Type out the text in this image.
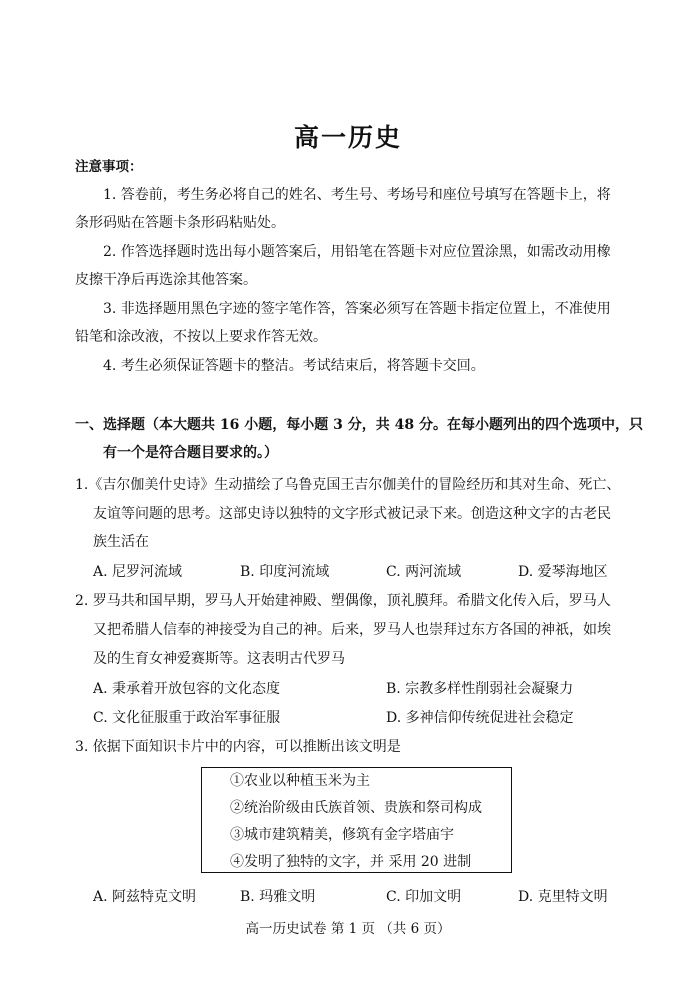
高一历史
注意事项：
1. 答卷前，考生务必将自己的姓名、考生号、考场号和座位号填写在答题卡上，将
条形码贴在答题卡条形码粘贴处。
2. 作答选择题时选出每小题答案后，用铅笔在答题卡对应位置涂黑，如需改动用橡
皮擦干净后再选涂其他答案。
3. 非选择题用黑色字迹的签字笔作答，答案必须写在答题卡指定位置上，不准使用
铅笔和涂改液，不按以上要求作答无效。
4. 考生必须保证答题卡的整洁。考试结束后，将答题卡交回。
一、选择题（本大题共 16 小题，每小题 3 分，共 48 分。在每小题列出的四个选项中，只
有一个是符合题目要求的。）
1.《吉尔伽美什史诗》生动描绘了乌鲁克国王吉尔伽美什的冒险经历和其对生命、死亡、
友谊等问题的思考。这部史诗以独特的文字形式被记录下来。创造这种文字的古老民
族生活在
A. 尼罗河流域	B. 印度河流域	C. 两河流域	D. 爱琴海地区
2. 罗马共和国早期，罗马人开始建神殿、塑偶像，顶礼膜拜。希腊文化传入后，罗马人
又把希腊人信奉的神接受为自己的神。后来，罗马人也崇拜过东方各国的神祇，如埃
及的生育女神爱赛斯等。这表明古代罗马
A. 秉承着开放包容的文化态度	B. 宗教多样性削弱社会凝聚力
C. 文化征服重于政治军事征服	D. 多神信仰传统促进社会稳定
3. 依据下面知识卡片中的内容，可以推断出该文明是
①农业以种植玉米为主
②统治阶级由氏族首领、贵族和祭司构成
③城市建筑精美，修筑有金字塔庙宇
④发明了独特的文字，并 采用 20 进制
A. 阿兹特克文明	B. 玛雅文明	C. 印加文明	D. 克里特文明
高一历史试卷 第 1 页 （共 6 页）
